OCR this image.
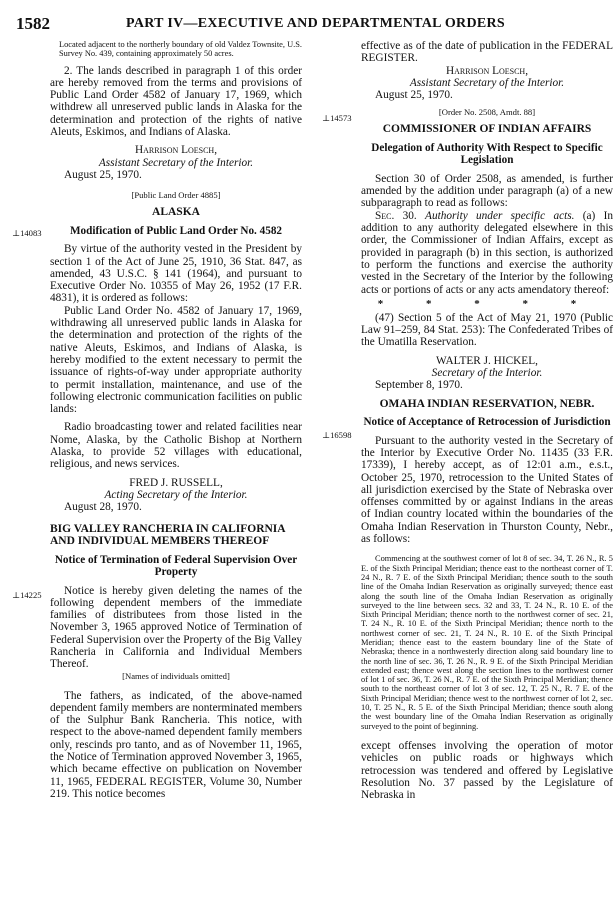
1582	PART IV—EXECUTIVE AND DEPARTMENTAL ORDERS
⊥14083
⊥14225
⊥14573
⊥16598

Located adjacent to the northerly boundary of old Valdez Townsite, U.S. Survey No. 439, containing approximately 50 acres.

2. The lands described in paragraph 1 of this order are hereby removed from the terms and provisions of Public Land Order 4582 of January 17, 1969, which withdrew all unreserved public lands in Alaska for the determination and protection of the rights of native Aleuts, Eskimos, and Indians of Alaska.

Harrison Loesch,

Assistant Secretary of the Interior.

August 25, 1970.

[Public Land Order 4885]

ALASKA

Modification of Public Land Order No. 4582

By virtue of the authority vested in the President by section 1 of the Act of June 25, 1910, 36 Stat. 847, as amended, 43 U.S.C. § 141 (1964), and pursuant to Executive Order No. 10355 of May 26, 1952 (17 F.R. 4831), it is ordered as follows:

Public Land Order No. 4582 of January 17, 1969, withdrawing all unreserved public lands in Alaska for the determination and protection of the rights of the native Aleuts, Eskimos, and Indians of Alaska, is hereby modified to the extent necessary to permit the issuance of rights-of-way under appropriate authority to permit installation, maintenance, and use of the following electronic communication facilities on public lands:

Radio broadcasting tower and related facilities near Nome, Alaska, by the Catholic Bishop at Northern Alaska, to provide 52 villages with educational, religious, and news services.

FRED J. RUSSELL,

Acting Secretary of the Interior.

August 28, 1970.

BIG VALLEY RANCHERIA IN CALIFORNIA AND INDIVIDUAL MEMBERS THEREOF

Notice of Termination of Federal Supervision Over Property

Notice is hereby given deleting the names of the following dependent members of the immediate families of distributees from those listed in the November 3, 1965 approved Notice of Termination of Federal Supervision over the Property of the Big Valley Rancheria in California and Individual Members Thereof.

[Names of individuals omitted]

The fathers, as indicated, of the above-named dependent family members are nonterminated members of the Sulphur Bank Rancheria. This notice, with respect to the above-named dependent family members only, rescinds pro tanto, and as of November 11, 1965, the Notice of Termination approved November 3, 1965, which became effective on publication on November 11, 1965, FEDERAL REGISTER, Volume 30, Number 219. This notice becomes

effective as of the date of publication in the FEDERAL REGISTER.

Harrison Loesch,

Assistant Secretary of the Interior.

August 25, 1970.

[Order No. 2508, Amdt. 88]

COMMISSIONER OF INDIAN AFFAIRS

Delegation of Authority With Respect to Specific Legislation

Section 30 of Order 2508, as amended, is further amended by the addition under paragraph (a) of a new subparagraph to read as follows:

Sec. 30. Authority under specific acts. (a) In addition to any authority delegated elsewhere in this order, the Commissioner of Indian Affairs, except as provided in paragraph (b) in this section, is authorized to perform the functions and exercise the authority vested in the Secretary of the Interior by the following acts or portions of acts or any acts amendatory thereof:

* * * * *

(47) Section 5 of the Act of May 21, 1970 (Public Law 91–259, 84 Stat. 253): The Confederated Tribes of the Umatilla Reservation.

WALTER J. HICKEL,

Secretary of the Interior.

September 8, 1970.

OMAHA INDIAN RESERVATION, NEBR.

Notice of Acceptance of Retrocession of Jurisdiction

Pursuant to the authority vested in the Secretary of the Interior by Executive Order No. 11435 (33 F.R. 17339), I hereby accept, as of 12:01 a.m., e.s.t., October 25, 1970, retrocession to the United States of all jurisdiction exercised by the State of Nebraska over offenses committed by or against Indians in the areas of Indian country located within the boundaries of the Omaha Indian Reservation in Thurston County, Nebr., as follows:

Commencing at the southwest corner of lot 8 of sec. 34, T. 26 N., R. 5 E. of the Sixth Principal Meridian; thence east to the northeast corner of T. 24 N., R. 7 E. of the Sixth Principal Meridian; thence south to the south line of the Omaha Indian Reservation as originally surveyed; thence east along the south line of the Omaha Indian Reservation as originally surveyed to the line between secs. 32 and 33, T. 24 N., R. 10 E. of the Sixth Principal Meridian; thence north to the northwest corner of sec. 21, T. 24 N., R. 10 E. of the Sixth Principal Meridian; thence north to the northwest corner of sec. 21, T. 24 N., R. 10 E. of the Sixth Principal Meridian; thence east to the eastern boundary line of the State of Nebraska; thence in a northwesterly direction along said boundary line to the north line of sec. 36, T. 26 N., R. 9 E. of the Sixth Principal Meridian extended east; thence west along the section lines to the northwest corner of lot 1 of sec. 36, T. 26 N., R. 7 E. of the Sixth Principal Meridian; thence south to the northeast corner of lot 3 of sec. 12, T. 25 N., R. 7 E. of the Sixth Principal Meridian; thence west to the northwest corner of lot 2, sec. 10, T. 25 N., R. 5 E. of the Sixth Principal Meridian; thence south along the west boundary line of the Omaha Indian Reservation as originally surveyed to the point of beginning.

except offenses involving the operation of motor vehicles on public roads or highways which retrocession was tendered and offered by Legislative Resolution No. 37 passed by the Legislature of Nebraska in
